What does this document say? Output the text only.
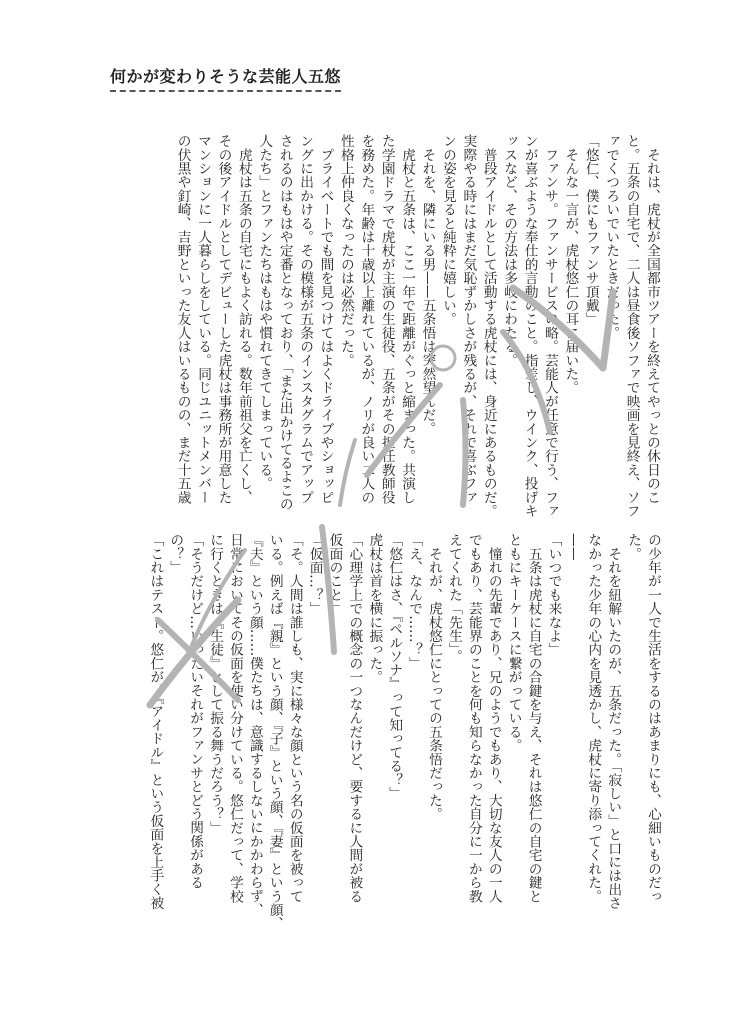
何かが変わりそうな芸能人五悠
　それは、虎杖が全国都市ツアーを終えてやっとの休日のこ
と。五条の自宅で、二人は昼食後ソファで映画を見終え、ソフ
ァでくつろいでいたときだった。
「悠仁、僕にもファンサ頂戴」
　そんな一言が、虎杖悠仁の耳に届いた。
　ファンサ。ファンサービスの略。芸能人が任意で行う、ファ
ンが喜ぶような奉仕的言動のこと。指差し、ウインク、投げキ
ッスなど、その方法は多岐にわたる。
　普段アイドルとして活動する虎杖には、身近にあるものだ。
実際やる時にはまだ気恥ずかしさが残るが、それで喜ぶファ
ンの姿を見ると純粋に嬉しい。
　それを、隣にいる男——五条悟は突然望んだ。
　虎杖と五条は、ここ一年で距離がぐっと縮まった。共演し
た学園ドラマで虎杖が主演の生徒役、五条がその担任教師役
を務めた。年齢は十歳以上離れているが、ノリが良い二人の
性格上仲良くなったのは必然だった。
　プライベートでも間を見つけてはよくドライブやショッピ
ングに出かける。その模様が五条のインスタグラムでアップ
されるのはもはや定番となっており、「また出かけてるよこの
人たち」とファンたちはもはや慣れてきてしまっている。
　虎杖は五条の自宅にもよく訪れる。数年前祖父を亡くし、
その後アイドルとしてデビューした虎杖は事務所が用意した
マンションに一人暮らしをしている。同じユニットメンバー
の伏黒や釘崎、吉野といった友人はいるものの、まだ十五歳
の少年が一人で生活をするのはあまりにも、心細いものだっ
た。
　それを紐解いたのが、五条だった。「寂しい」と口には出さ
なかった少年の心内を見透かし、虎杖に寄り添ってくれた。
——
「いつでも来なよ」
　五条は虎杖に自宅の合鍵を与え、それは悠仁の自宅の鍵と
ともにキーケースに繋がっている。
　憧れの先輩であり、兄のようでもあり、大切な友人の一人
でもあり、芸能界のことを何も知らなかった自分に一から教
えてくれた「先生」。
　それが、虎杖悠仁にとっての五条悟だった。
「え、なんで……？」
「悠仁はさ、『ペルソナ』って知ってる？」
虎杖は首を横に振った。
「心理学上での概念の一つなんだけど、要するに人間が被る
仮面のこと」
「仮面…？」
「そ。人間は誰しも、実に様々な顔という名の仮面を被って
いる。例えば『親』という顔、『子』という顔、『妻』という顔、
『夫』という顔……僕たちは、意識するしないにかかわらず、
日常においてその仮面を使い分けている。悠仁だって、学校
に行くときは『生徒』として振る舞うだろう？」
「そうだけど…いったいそれがファンサとどう関係がある
の？」
「これはテスト。悠仁が、『アイドル』という仮面を上手く被
